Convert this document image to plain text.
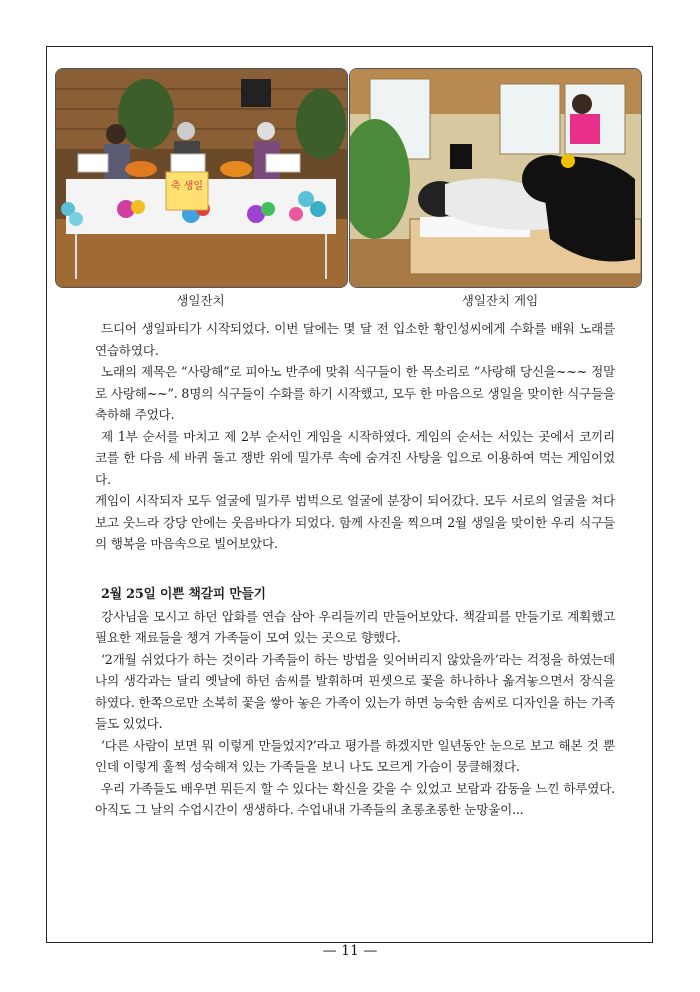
축 생일
생일잔치	생일잔치 게임

드디어 생일파티가 시작되었다. 이번 달에는 몇 달 전 입소한 황인성씨에게 수화를 배워 노래를 연습하였다.

노래의 제목은 “사랑해”로 피아노 반주에 맞춰 식구들이 한 목소리로 “사랑해 당신을~~~ 정말로 사랑해~~”. 8명의 식구들이 수화를 하기 시작했고, 모두 한 마음으로 생일을 맞이한 식구들을 축하해 주었다.

제 1부 순서를 마치고 제 2부 순서인 게임을 시작하였다. 게임의 순서는 서있는 곳에서 코끼리 코를 한 다음 세 바퀴 돌고 쟁반 위에 밀가루 속에 숨겨진 사탕을 입으로 이용하여 먹는 게임이었다.

게임이 시작되자 모두 얼굴에 밀가루 범벅으로 얼굴에 분장이 되어갔다. 모두 서로의 얼굴을 쳐다보고 웃느라 강당 안에는 웃음바다가 되었다. 함께 사진을 찍으며 2월 생일을 맞이한 우리 식구들의 행복을 마음속으로 빌어보았다.

2월 25일 이쁜 책갈피 만들기

강사님을 모시고 하던 압화를 연습 삼아 우리들끼리 만들어보았다. 책갈피를 만들기로 계획했고 필요한 재료들을 챙겨 가족들이 모여 있는 곳으로 향했다.

‘2개월 쉬었다가 하는 것이라 가족들이 하는 방법을 잊어버리지 않았을까’라는 걱정을 하였는데 나의 생각과는 달리 옛날에 하던 솜씨를 발휘하며 핀셋으로 꽃을 하나하나 옮겨놓으면서 장식을 하였다. 한쪽으로만 소복히 꽃을 쌓아 놓은 가족이 있는가 하면 능숙한 솜씨로 디자인을 하는 가족들도 있었다.

‘다른 사람이 보면 뭐 이렇게 만들었지?’라고 평가를 하겠지만 일년동안 눈으로 보고 해본 것 뿐인데 이렇게 훌쩍 성숙해져 있는 가족들을 보니 나도 모르게 가슴이 뭉클해졌다.

우리 가족들도 배우면 뭐든지 할 수 있다는 확신을 갖을 수 있었고 보람과 감동을 느낀 하루였다. 아직도 그 날의 수업시간이 생생하다. 수업내내 가족들의 초롱초롱한 눈망울이...

— 11 —
